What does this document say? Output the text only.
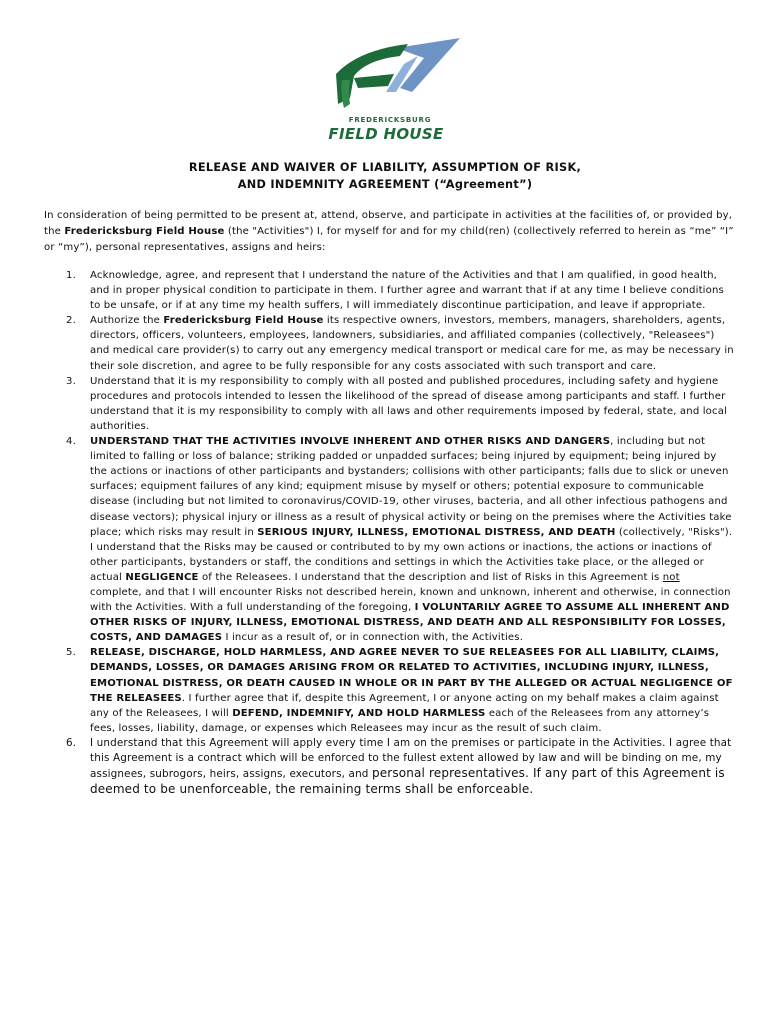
FREDERICKSBURG
FIELD HOUSE
RELEASE AND WAIVER OF LIABILITY, ASSUMPTION OF RISK,
AND INDEMNITY AGREEMENT (“Agreement”)
In consideration of being permitted to be present at, attend, observe, and participate in activities at the facilities of, or provided by, the Fredericksburg Field House (the "Activities") I, for myself for and for my child(ren) (collectively referred to herein as “me” “I” or “my”), personal representatives, assigns and heirs:
1. Acknowledge, agree, and represent that I understand the nature of the Activities and that I am qualified, in good health, and in proper physical condition to participate in them. I further agree and warrant that if at any time I believe conditions to be unsafe, or if at any time my health suffers, I will immediately discontinue participation, and leave if appropriate.
2. Authorize the Fredericksburg Field House its respective owners, investors, members, managers, shareholders, agents, directors, officers, volunteers, employees, landowners, subsidiaries, and affiliated companies (collectively, "Releasees") and medical care provider(s) to carry out any emergency medical transport or medical care for me, as may be necessary in their sole discretion, and agree to be fully responsible for any costs associated with such transport and care.
3. Understand that it is my responsibility to comply with all posted and published procedures, including safety and hygiene procedures and protocols intended to lessen the likelihood of the spread of disease among participants and staff. I further understand that it is my responsibility to comply with all laws and other requirements imposed by federal, state, and local authorities.
4. UNDERSTAND THAT THE ACTIVITIES INVOLVE INHERENT AND OTHER RISKS AND DANGERS, including but not limited to falling or loss of balance; striking padded or unpadded surfaces; being injured by equipment; being injured by the actions or inactions of other participants and bystanders; collisions with other participants; falls due to slick or uneven surfaces; equipment failures of any kind; equipment misuse by myself or others; potential exposure to communicable disease (including but not limited to coronavirus/COVID-19, other viruses, bacteria, and all other infectious pathogens and disease vectors); physical injury or illness as a result of physical activity or being on the premises where the Activities take place; which risks may result in SERIOUS INJURY, ILLNESS, EMOTIONAL DISTRESS, AND DEATH (collectively, "Risks"). I understand that the Risks may be caused or contributed to by my own actions or inactions, the actions or inactions of other participants, bystanders or staff, the conditions and settings in which the Activities take place, or the alleged or actual NEGLIGENCE of the Releasees. I understand that the description and list of Risks in this Agreement is not complete, and that I will encounter Risks not described herein, known and unknown, inherent and otherwise, in connection with the Activities. With a full understanding of the foregoing, I VOLUNTARILY AGREE TO ASSUME ALL INHERENT AND OTHER RISKS OF INJURY, ILLNESS, EMOTIONAL DISTRESS, AND DEATH AND ALL RESPONSIBILITY FOR LOSSES, COSTS, AND DAMAGES I incur as a result of, or in connection with, the Activities.
5. RELEASE, DISCHARGE, HOLD HARMLESS, AND AGREE NEVER TO SUE RELEASEES FOR ALL LIABILITY, CLAIMS, DEMANDS, LOSSES, OR DAMAGES ARISING FROM OR RELATED TO ACTIVITIES, INCLUDING INJURY, ILLNESS, EMOTIONAL DISTRESS, OR DEATH CAUSED IN WHOLE OR IN PART BY THE ALLEGED OR ACTUAL NEGLIGENCE OF THE RELEASEES. I further agree that if, despite this Agreement, I or anyone acting on my behalf makes a claim against any of the Releasees, I will DEFEND, INDEMNIFY, AND HOLD HARMLESS each of the Releasees from any attorney’s fees, losses, liability, damage, or expenses which Releasees may incur as the result of such claim.
6. I understand that this Agreement will apply every time I am on the premises or participate in the Activities. I agree that this Agreement is a contract which will be enforced to the fullest extent allowed by law and will be binding on me, my assignees, subrogors, heirs, assigns, executors, and personal representatives. If any part of this Agreement is deemed to be unenforceable, the remaining terms shall be enforceable.
